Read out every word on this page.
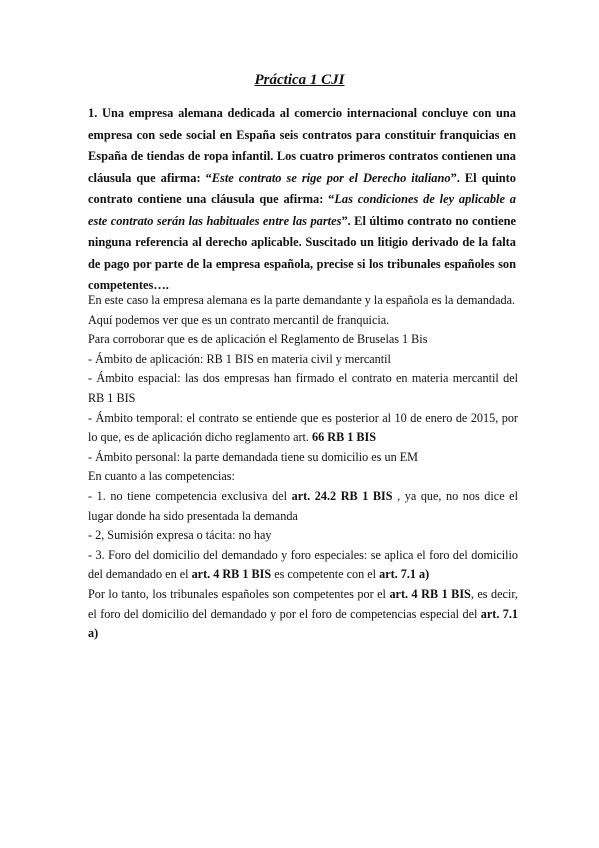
Práctica 1 CJI
1. Una empresa alemana dedicada al comercio internacional concluye con una empresa con sede social en España seis contratos para constituir franquicias en España de tiendas de ropa infantil. Los cuatro primeros contratos contienen una cláusula que afirma: “Este contrato se rige por el Derecho italiano”. El quinto contrato contiene una cláusula que afirma: “Las condiciones de ley aplicable a este contrato serán las habituales entre las partes”. El último contrato no contiene ninguna referencia al derecho aplicable. Suscitado un litigio derivado de la falta de pago por parte de la empresa española, precise si los tribunales españoles son competentes….

En este caso la empresa alemana es la parte demandante y la española es la demandada.

Aquí podemos ver que es un contrato mercantil de franquicia.

Para corroborar que es de aplicación el Reglamento de Bruselas 1 Bis

- Ámbito de aplicación: RB 1 BIS en materia civil y mercantil

- Ámbito espacial: las dos empresas han firmado el contrato en materia mercantil del RB 1 BIS

- Ámbito temporal: el contrato se entiende que es posterior al 10 de enero de 2015, por lo que, es de aplicación dicho reglamento art. 66 RB 1 BIS

- Ámbito personal: la parte demandada tiene su domicilio es un EM

En cuanto a las competencias:

- 1. no tiene competencia exclusiva del art. 24.2 RB 1 BIS , ya que, no nos dice el lugar donde ha sido presentada la demanda

- 2, Sumisión expresa o tácita: no hay

- 3. Foro del domicilio del demandado y foro especiales: se aplica el foro del domicilio del demandado en el art. 4 RB 1 BIS es competente con el art. 7.1 a)

Por lo tanto, los tribunales españoles son competentes por el art. 4 RB 1 BIS, es decir, el foro del domicilio del demandado y por el foro de competencias especial del art. 7.1 a)
